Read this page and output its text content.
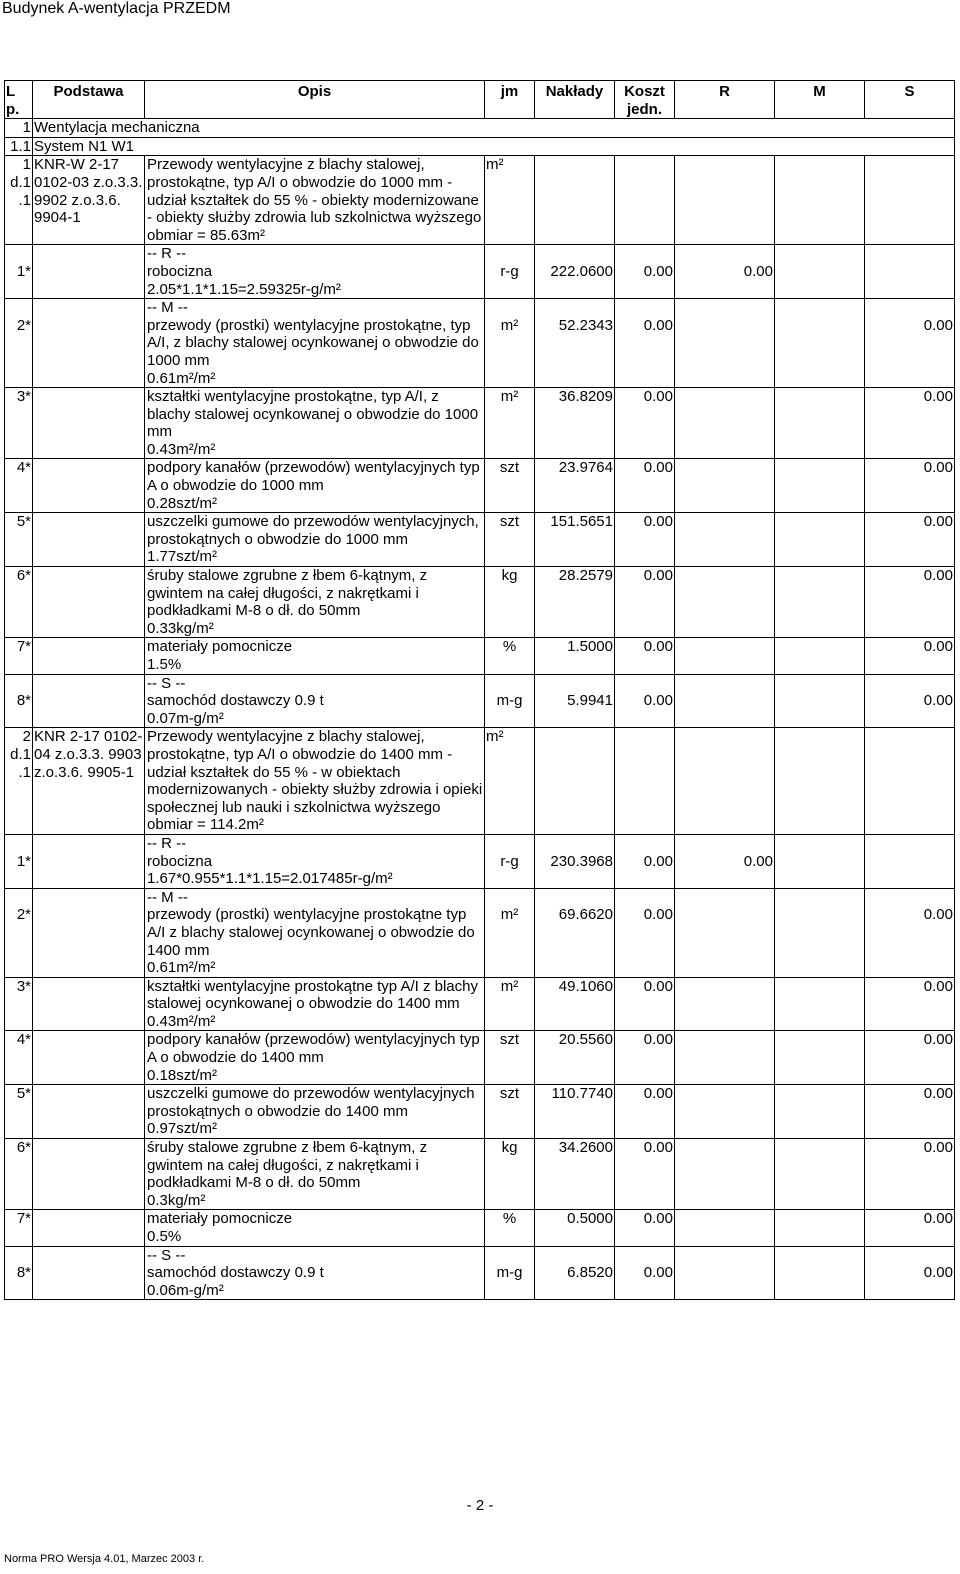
Budynek A-wentylacja PRZEDM
L p.	Podstawa	Opis	jm	Nakłady	Koszt jedn.	R	M	S
1	Wentylacja mechaniczna							
1.1	System N1 W1							
1 d.1 .1	KNR-W 2-17 0102-03 z.o.3.3. 9902 z.o.3.6. 9904-1	Przewody wentylacyjne z blachy stalowej, prostokątne, typ A/I o obwodzie do 1000 mm - udział kształtek do 55 % - obiekty modernizowane - obiekty służby zdrowia lub szkolnictwa wyższego
obmiar = 85.63m²	m²					

1*		-- R --
robocizna
2.05*1.1*1.15=2.59325r-g/m²	r-g	222.0600	0.00	0.00		

2*		-- M --
przewody (prostki) wentylacyjne prostokątne, typ A/I, z blachy stalowej ocynkowanej o obwodzie do 1000 mm
0.61m²/m²	m²	52.2343	0.00			0.00
3*		kształtki wentylacyjne prostokątne, typ A/I, z blachy stalowej ocynkowanej o obwodzie do 1000 mm
0.43m²/m²	m²	36.8209	0.00			0.00
4*		podpory kanałów (przewodów) wentylacyjnych typ A o obwodzie do 1000 mm
0.28szt/m²	szt	23.9764	0.00			0.00
5*		uszczelki gumowe do przewodów wentylacyjnych, prostokątnych o obwodzie do 1000 mm
1.77szt/m²	szt	151.5651	0.00			0.00
6*		śruby stalowe zgrubne z łbem 6-kątnym, z gwintem na całej długości, z nakrętkami i podkładkami M-8 o dł. do 50mm
0.33kg/m²	kg	28.2579	0.00			0.00
7*		materiały pomocnicze
1.5%	%	1.5000	0.00			0.00

8*		-- S --
samochód dostawczy 0.9 t
0.07m-g/m²	m-g	5.9941	0.00			0.00
2 d.1 .1	KNR 2-17 0102-04 z.o.3.3. 9903 z.o.3.6. 9905-1	Przewody wentylacyjne z blachy stalowej, prostokątne, typ A/I o obwodzie do 1400 mm - udział kształtek do 55 % - w obiektach modernizowanych - obiekty służby zdrowia i opieki społecznej lub nauki i szkolnictwa wyższego
obmiar = 114.2m²	m²					

1*		-- R --
robocizna
1.67*0.955*1.1*1.15=2.017485r-g/m²	r-g	230.3968	0.00	0.00		

2*		-- M --
przewody (prostki) wentylacyjne prostokątne typ A/I z blachy stalowej ocynkowanej o obwodzie do 1400 mm
0.61m²/m²	m²	69.6620	0.00			0.00
3*		kształtki wentylacyjne prostokątne typ A/I z blachy stalowej ocynkowanej o obwodzie do 1400 mm
0.43m²/m²	m²	49.1060	0.00			0.00
4*		podpory kanałów (przewodów) wentylacyjnych typ A o obwodzie do 1400 mm
0.18szt/m²	szt	20.5560	0.00			0.00
5*		uszczelki gumowe do przewodów wentylacyjnych prostokątnych o obwodzie do 1400 mm
0.97szt/m²	szt	110.7740	0.00			0.00
6*		śruby stalowe zgrubne z łbem 6-kątnym, z gwintem na całej długości, z nakrętkami i podkładkami M-8 o dł. do 50mm
0.3kg/m²	kg	34.2600	0.00			0.00
7*		materiały pomocnicze
0.5%	%	0.5000	0.00			0.00

8*		-- S --
samochód dostawczy 0.9 t
0.06m-g/m²	m-g	6.8520	0.00			0.00
- 2 -
Norma PRO Wersja 4.01, Marzec 2003 r.
